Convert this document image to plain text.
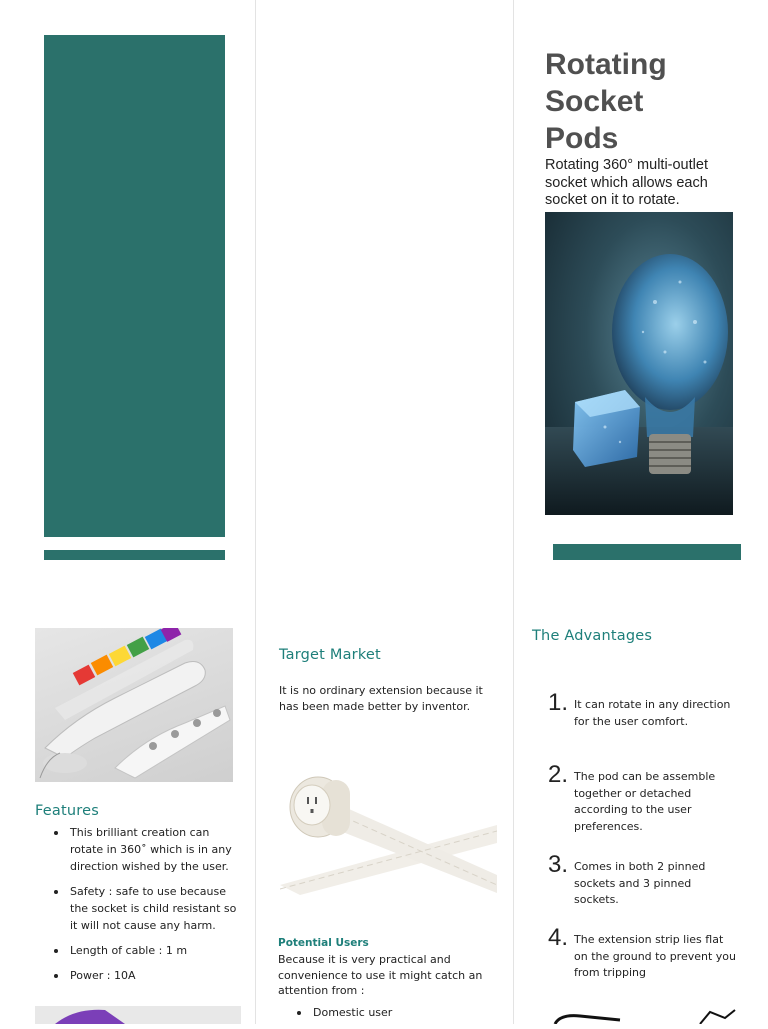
Rotating
Socket
Pods
Rotating 360° multi-outlet socket which allows each socket on it to rotate.
Features
This brilliant creation can rotate in 360˚ which is in any direction wished by the user.
Safety : safe to use because the socket is child resistant so it will not cause any harm.
Length of cable : 1 m
Power : 10A
Target Market
It is no ordinary extension because it has been made better by inventor.
Potential Users
Because it is very practical and convenience to use it might catch an attention from :
Domestic user
The Advantages
1. It can rotate in any direction for the user comfort.
2. The pod can be assemble together or detached according to the user preferences.
3. Comes in both 2 pinned sockets and 3 pinned sockets.
4. The extension strip lies flat on the ground to prevent you from tripping
